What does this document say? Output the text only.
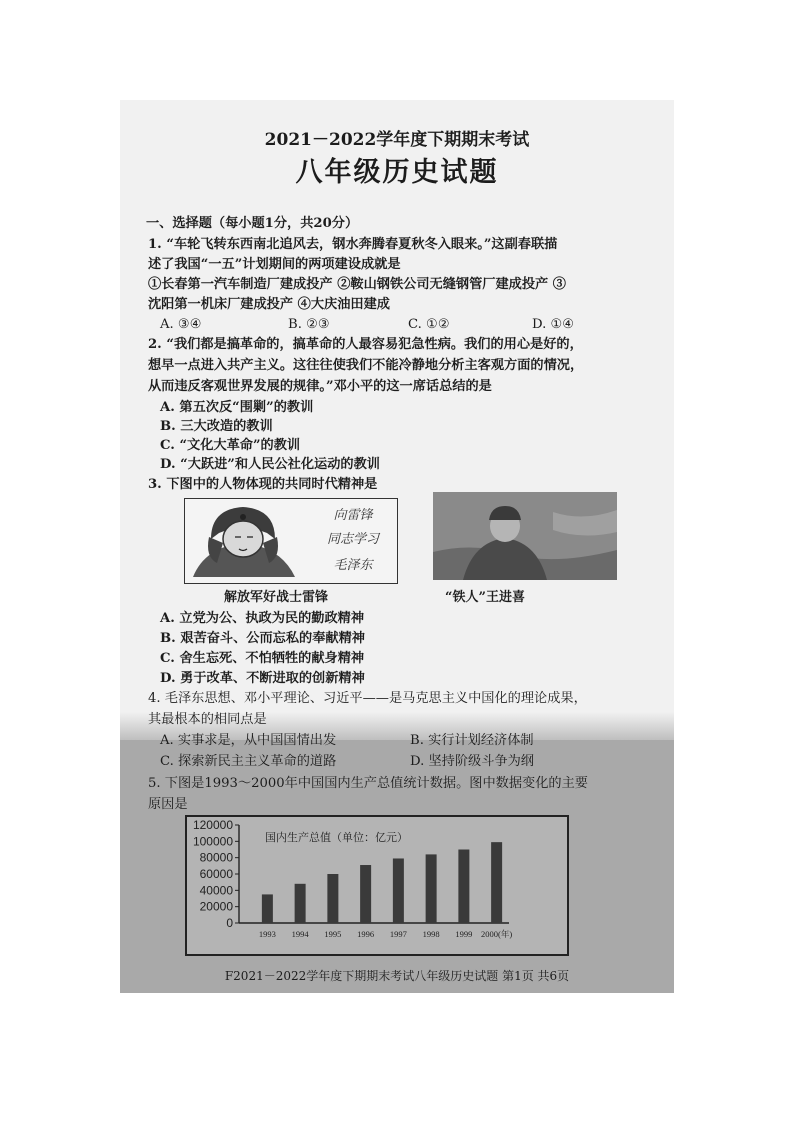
2021－2022学年度下期期末考试
八年级历史试题
一、选择题（每小题1分，共20分）
1. “车轮飞转东西南北追风去，钢水奔腾春夏秋冬入眼来。”这副春联描
述了我国“一五”计划期间的两项建设成就是
①长春第一汽车制造厂建成投产 ②鞍山钢铁公司无缝钢管厂建成投产 ③
沈阳第一机床厂建成投产 ④大庆油田建成
A. ③④	B. ②③	C. ①②	D. ①④
2. “我们都是搞革命的，搞革命的人最容易犯急性病。我们的用心是好的，
想早一点进入共产主义。这往往使我们不能冷静地分析主客观方面的情况，
从而违反客观世界发展的规律。”邓小平的这一席话总结的是
A. 第五次反“围剿”的教训
B. 三大改造的教训
C. “文化大革命”的教训
D. “大跃进”和人民公社化运动的教训
3. 下图中的人物体现的共同时代精神是
向雷锋
同志学习
毛泽东
解放军好战士雷锋	“铁人”王进喜
A. 立党为公、执政为民的勤政精神
B. 艰苦奋斗、公而忘私的奉献精神
C. 舍生忘死、不怕牺牲的献身精神
D. 勇于改革、不断进取的创新精神
4. 毛泽东思想、邓小平理论、习近平——是马克思主义中国化的理论成果，
其最根本的相同点是
A. 实事求是，从中国国情出发	B. 实行计划经济体制
C. 探索新民主主义革命的道路	D. 坚持阶级斗争为纲
5. 下图是1993～2000年中国国内生产总值统计数据。图中数据变化的主要
原因是
0
20000
40000
60000
80000
100000
120000
国内生产总值（单位：亿元）
1993 1994 1995 1996 1997 1998 1999 2000(年)
F2021－2022学年度下期期末考试八年级历史试题 第1页 共6页
